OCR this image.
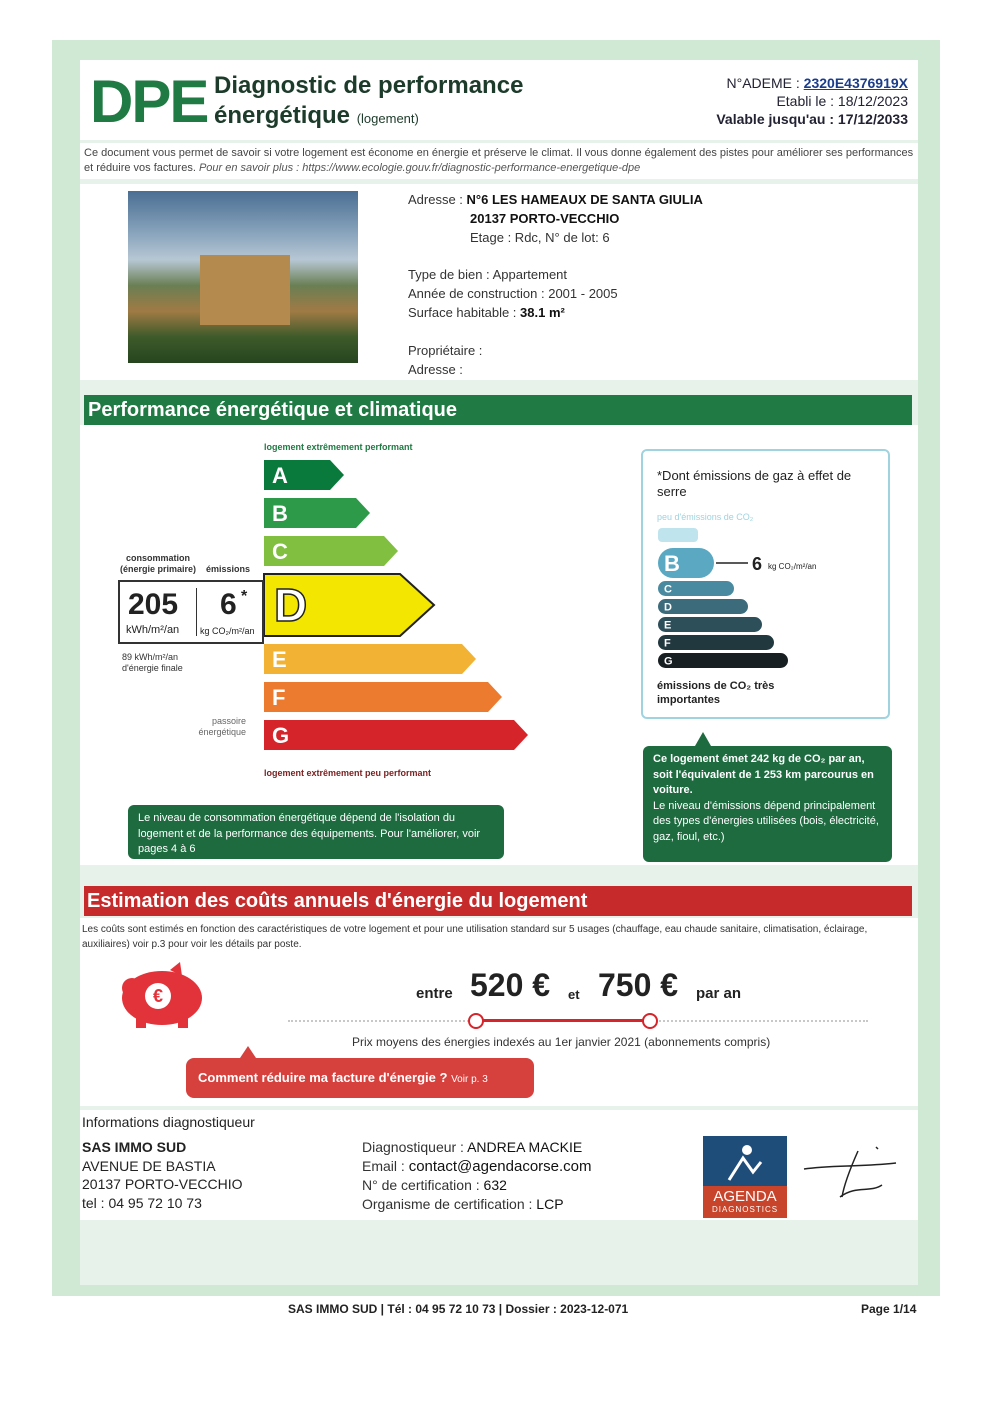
DPE Diagnostic de performance
énergétique (logement)
N°ADEME : 2320E4376919X
Etabli le : 18/12/2023
Valable jusqu'au : 17/12/2033
Ce document vous permet de savoir si votre logement est économe en énergie et préserve le climat. Il vous donne également des pistes pour améliorer ses performances et réduire vos factures. Pour en savoir plus : https://www.ecologie.gouv.fr/diagnostic-performance-energetique-dpe
Adresse : N°6 LES HAMEAUX DE SANTA GIULIA
20137 PORTO-VECCHIO
Etage : Rdc, N° de lot: 6
Type de bien : Appartement
Année de construction : 2001 - 2005
Surface habitable : 38.1 m²
Propriétaire :
Adresse :
Performance énergétique et climatique
logement extrêmement performant
A
B
C
D
E
F
G
logement extrêmement peu performant
consommation (énergie primaire) émissions
205
kWh/m²/an
6 *
kg CO₂/m²/an
89 kWh/m²/an d'énergie finale
passoire énergétique
Le niveau de consommation énergétique dépend de l'isolation du logement et de la performance des équipements. Pour l'améliorer, voir pages 4 à 6
*Dont émissions de gaz à effet de serre
peu d'émissions de CO₂
B	6 kg CO₂/m²/an
C
D
E
F
G
émissions de CO₂ très importantes
Ce logement émet 242 kg de CO₂ par an, soit l'équivalent de 1 253 km parcourus en voiture.
Le niveau d'émissions dépend principalement des types d'énergies utilisées (bois, électricité, gaz, fioul, etc.)
Estimation des coûts annuels d'énergie du logement
Les coûts sont estimés en fonction des caractéristiques de votre logement et pour une utilisation standard sur 5 usages (chauffage, eau chaude sanitaire, climatisation, éclairage, auxiliaires) voir p.3 pour voir les détails par poste.
€	entre 520 € et 750 € par an
Prix moyens des énergies indexés au 1er janvier 2021 (abonnements compris)
Comment réduire ma facture d'énergie ? Voir p. 3
Informations diagnostiqueur
SAS IMMO SUD
AVENUE DE BASTIA
20137 PORTO-VECCHIO
tel : 04 95 72 10 73
Diagnostiqueur : ANDREA MACKIE
Email : contact@agendacorse.com
N° de certification : 632
Organisme de certification : LCP	AGENDA
DIAGNOSTICS
SAS IMMO SUD | Tél : 04 95 72 10 73 | Dossier : 2023-12-071	Page 1/14
